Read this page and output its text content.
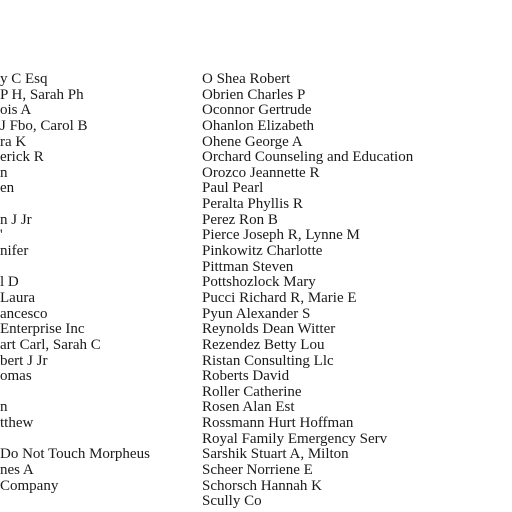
y C Esq
P H, Sarah Ph
ois A
J Fbo, Carol B
ra K
erick R
n
en
n J Jr
'
nifer
l D
Laura
ancesco
Enterprise Inc
art Carl, Sarah C
bert J Jr
omas
n
tthew
Do Not Touch Morpheus
nes A
Company
O Shea Robert
Obrien Charles P
Oconnor Gertrude
Ohanlon Elizabeth
Ohene George A
Orchard Counseling and Education
Orozco Jeannette R
Paul Pearl
Peralta Phyllis R
Perez Ron B
Pierce Joseph R, Lynne M
Pinkowitz Charlotte
Pittman Steven
Pottshozlock Mary
Pucci Richard R, Marie E
Pyun Alexander S
Reynolds Dean Witter
Rezendez Betty Lou
Ristan Consulting Llc
Roberts David
Roller Catherine
Rosen Alan Est
Rossmann Hurt Hoffman
Royal Family Emergency Serv
Sarshik Stuart A, Milton
Scheer Norriene E
Schorsch Hannah K
Scully Co
